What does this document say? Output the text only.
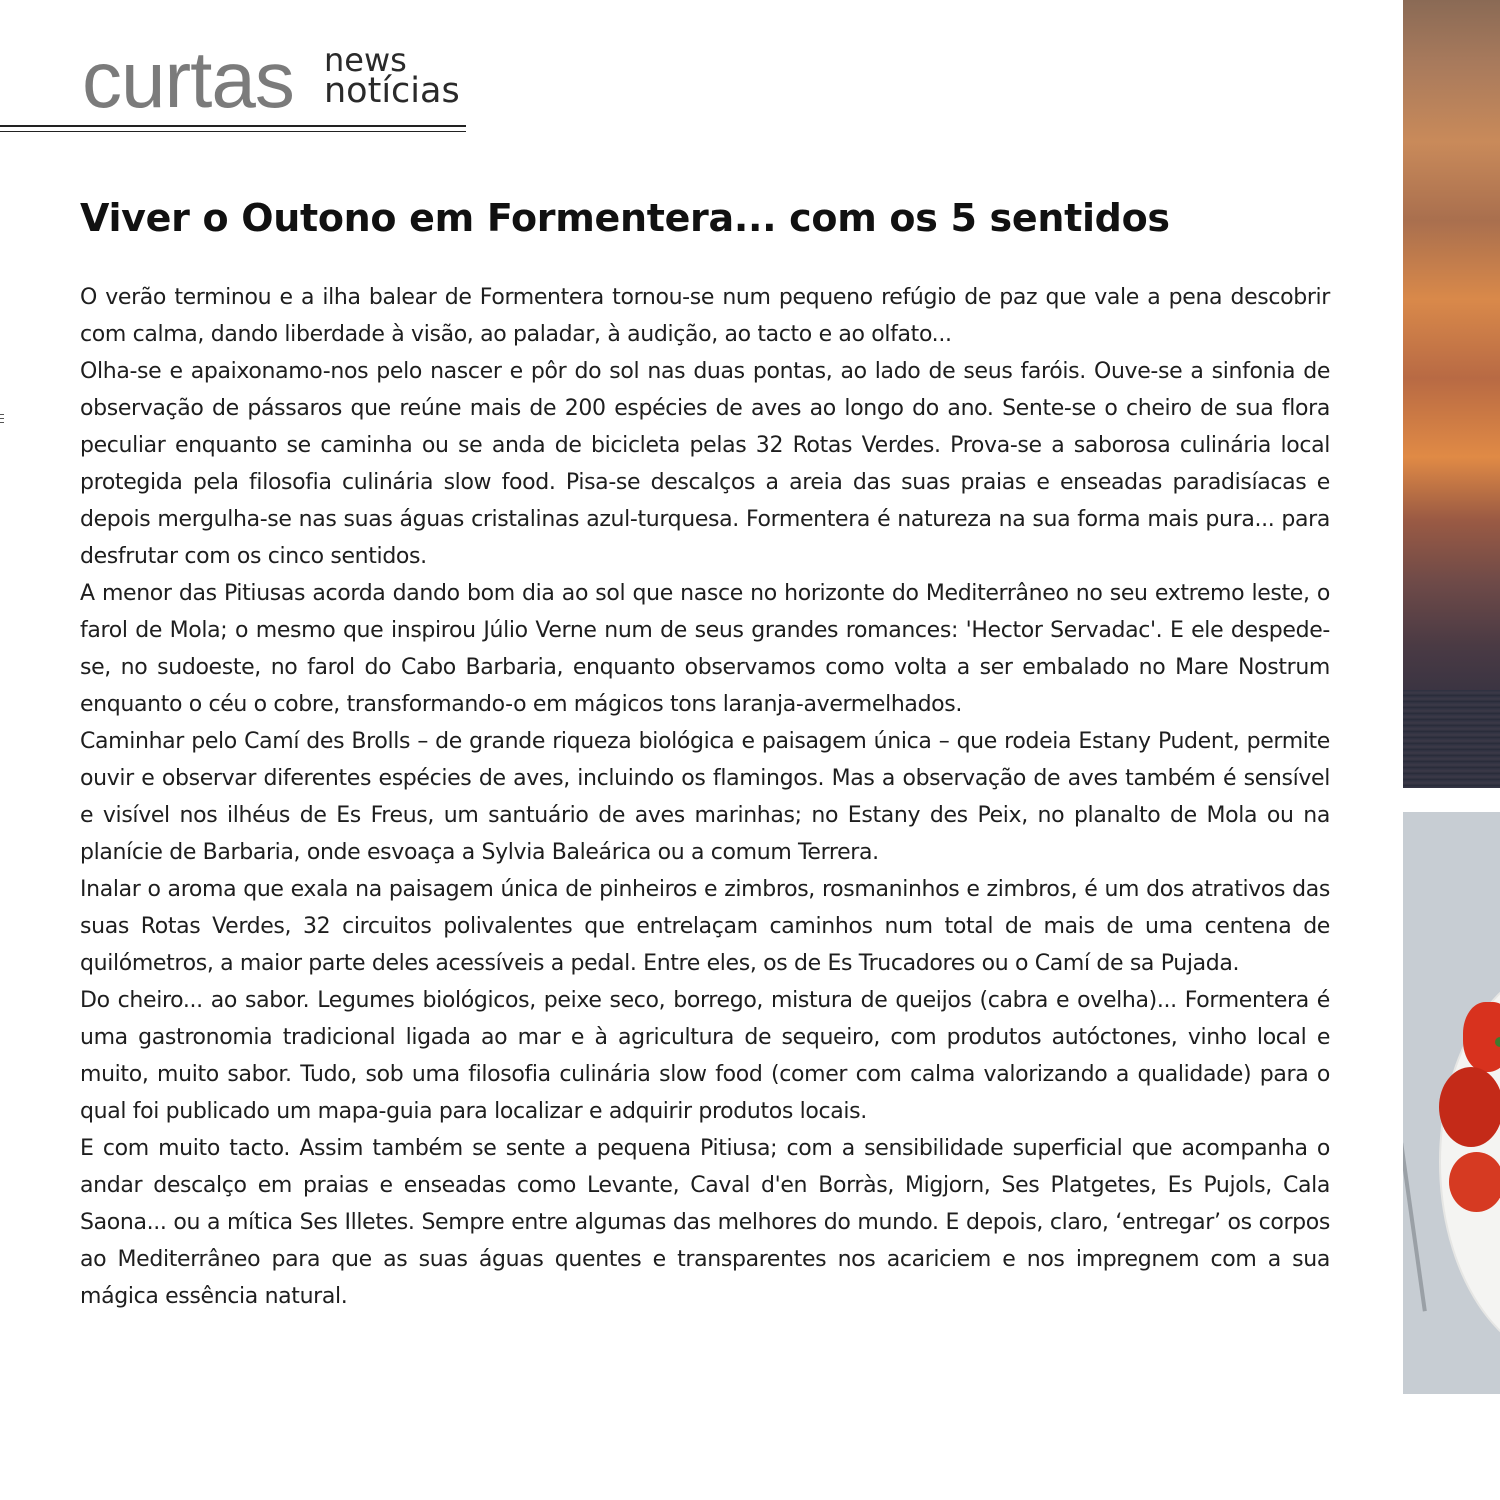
curtas news
notícias
Viver o Outono em Formentera... com os 5 sentidos

O verão terminou e a ilha balear de Formentera tornou-se num pequeno refúgio de paz que vale a pena descobrir com calma, dando liberdade à visão, ao paladar, à audição, ao tacto e ao olfato...

Olha-se e apaixonamo-nos pelo nascer e pôr do sol nas duas pontas, ao lado de seus faróis. Ouve-se a sinfonia de observação de pássaros que reúne mais de 200 espécies de aves ao longo do ano. Sente-se o cheiro de sua flora peculiar enquanto se caminha ou se anda de bicicleta pelas 32 Rotas Verdes. Prova-se a saborosa culinária local protegida pela filosofia culinária slow food. Pisa-se descalços a areia das suas praias e enseadas paradisíacas e depois mergulha-se nas suas águas cristalinas azul-turquesa. Formentera é natureza na sua forma mais pura... para desfrutar com os cinco sentidos.

A menor das Pitiusas acorda dando bom dia ao sol que nasce no horizonte do Mediterrâneo no seu extremo leste, o farol de Mola; o mesmo que inspirou Júlio Verne num de seus grandes romances: 'Hector Servadac'. E ele despede-se, no sudoeste, no farol do Cabo Barbaria, enquanto observamos como volta a ser embalado no Mare Nostrum enquanto o céu o cobre, transformando-o em mágicos tons laranja-avermelhados.

Caminhar pelo Camí des Brolls – de grande riqueza biológica e paisagem única – que rodeia Estany Pudent, permite ouvir e observar diferentes espécies de aves, incluindo os flamingos. Mas a observação de aves também é sensível e visível nos ilhéus de Es Freus, um santuário de aves marinhas; no Estany des Peix, no planalto de Mola ou na planície de Barbaria, onde esvoaça a Sylvia Baleárica ou a comum Terrera.

Inalar o aroma que exala na paisagem única de pinheiros e zimbros, rosmaninhos e zimbros, é um dos atrativos das suas Rotas Verdes, 32 circuitos polivalentes que entrelaçam caminhos num total de mais de uma centena de quilómetros, a maior parte deles acessíveis a pedal. Entre eles, os de Es Trucadores ou o Camí de sa Pujada.

Do cheiro... ao sabor. Legumes biológicos, peixe seco, borrego, mistura de queijos (cabra e ovelha)... Formentera é uma gastronomia tradicional ligada ao mar e à agricultura de sequeiro, com produtos autóctones, vinho local e muito, muito sabor. Tudo, sob uma filosofia culinária slow food (comer com calma valorizando a qualidade) para o qual foi publicado um mapa-guia para localizar e adquirir produtos locais.

E com muito tacto. Assim também se sente a pequena Pitiusa; com a sensibilidade superficial que acompanha o andar descalço em praias e enseadas como Levante, Caval d'en Borràs, Migjorn, Ses Platgetes, Es Pujols, Cala Saona... ou a mítica Ses Illetes. Sempre entre algumas das melhores do mundo. E depois, claro, ‘entregar’ os corpos ao Mediterrâneo para que as suas águas quentes e transparentes nos acariciem e nos impregnem com a sua mágica essência natural.
